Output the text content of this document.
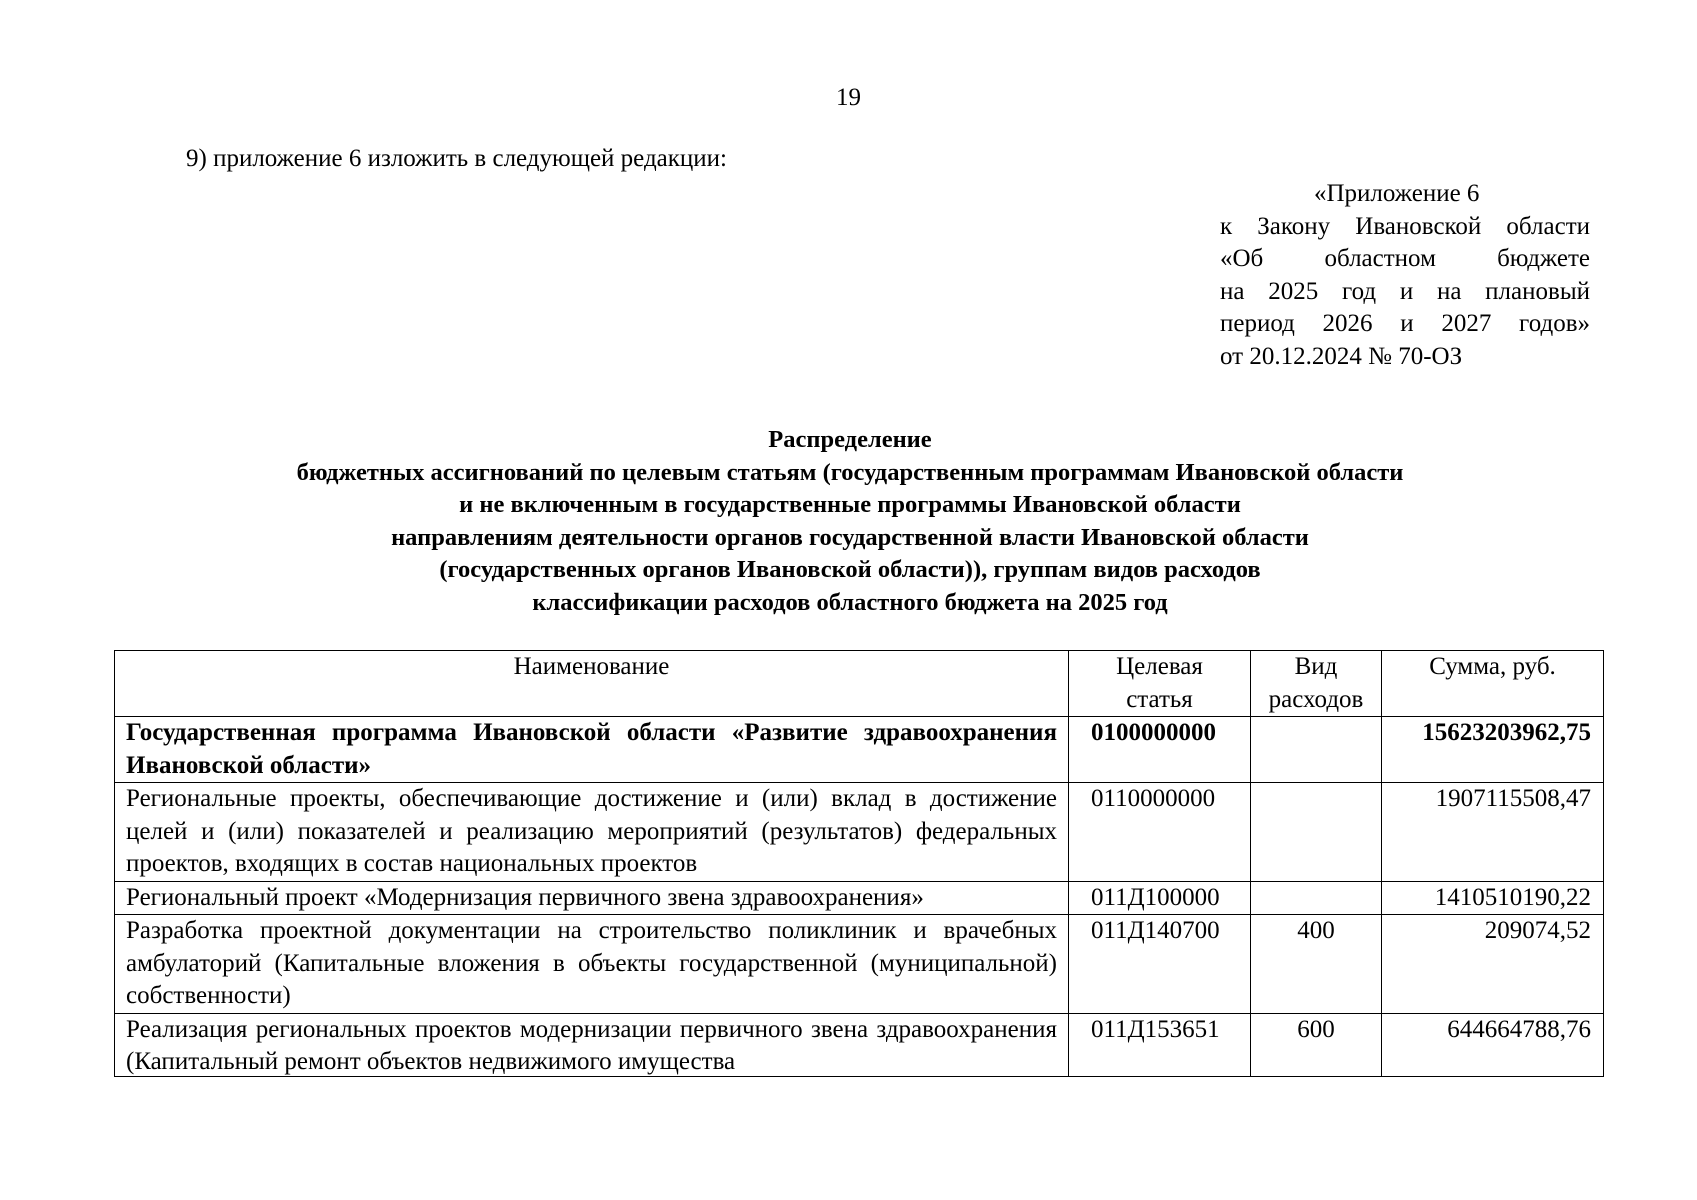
19
9) приложение 6 изложить в следующей редакции:
«Приложение 6
к Закону Ивановской области
«Об областном бюджете
на 2025 год и на плановый
период 2026 и 2027 годов»
от 20.12.2024 № 70-ОЗ
Распределение
бюджетных ассигнований по целевым статьям (государственным программам Ивановской области
и не включенным в государственные программы Ивановской области
направлениям деятельности органов государственной власти Ивановской области
(государственных органов Ивановской области)), группам видов расходов
классификации расходов областного бюджета на 2025 год
Наименование	Целевая статья	Вид расходов	Сумма, руб.
Государственная программа Ивановской области «Развитие здравоохранения Ивановской области»	0100000000		15623203962,75
Региональные проекты, обеспечивающие достижение и (или) вклад в достижение целей и (или) показателей и реализацию мероприятий (результатов) федеральных проектов, входящих в состав национальных проектов	0110000000		1907115508,47
Региональный проект «Модернизация первичного звена здравоохранения»	011Д100000		1410510190,22
Разработка проектной документации на строительство поликлиник и врачебных амбулаторий (Капитальные вложения в объекты государственной (муниципальной) собственности)	011Д140700	400	209074,52

Реализация региональных проектов модернизации первичного звена здравоохранения (Капитальный ремонт объектов недвижимого имущества	011Д153651	600	644664788,76
